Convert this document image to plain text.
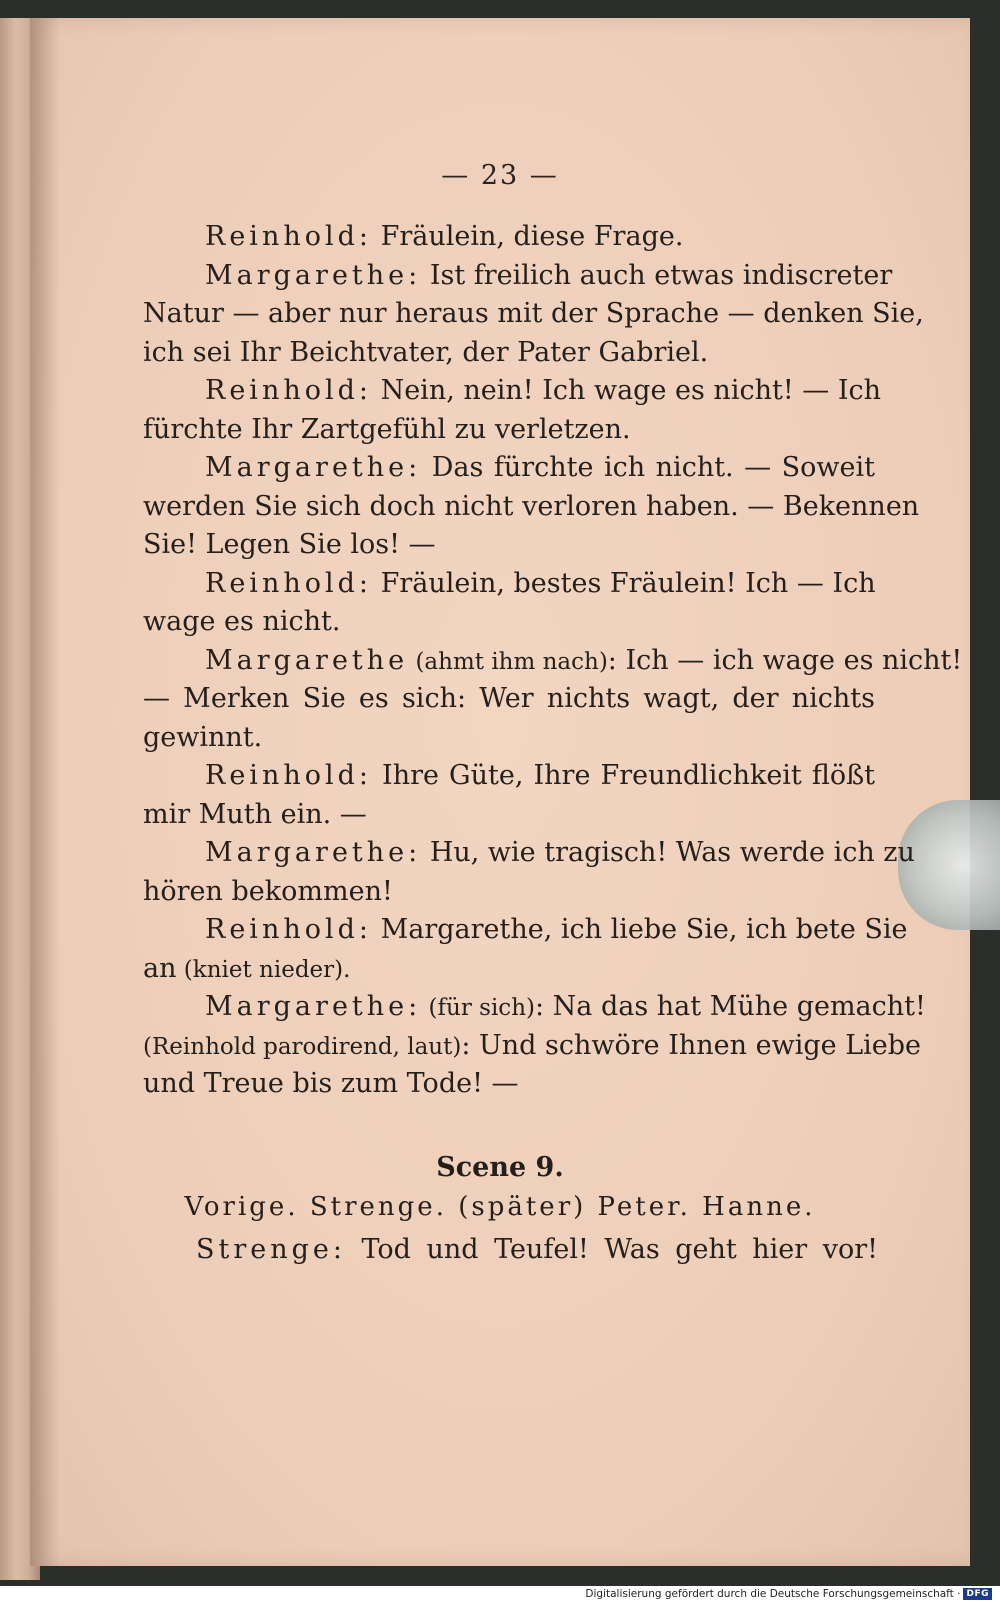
— 23 —
Reinhold: Fräulein, diese Frage.
Margarethe: Ist freilich auch etwas indiscreter
Natur — aber nur heraus mit der Sprache — denken Sie,
ich sei Ihr Beichtvater, der Pater Gabriel.
Reinhold: Nein, nein! Ich wage es nicht! — Ich
fürchte Ihr Zartgefühl zu verletzen.
Margarethe: Das fürchte ich nicht. — Soweit
werden Sie sich doch nicht verloren haben. — Bekennen
Sie! Legen Sie los! —
Reinhold: Fräulein, bestes Fräulein! Ich — Ich
wage es nicht.
Margarethe (ahmt ihm nach): Ich — ich wage es nicht!
— Merken Sie es sich: Wer nichts wagt, der nichts
gewinnt.
Reinhold: Ihre Güte, Ihre Freundlichkeit flößt
mir Muth ein. —
Margarethe: Hu, wie tragisch! Was werde ich zu
hören bekommen!
Reinhold: Margarethe, ich liebe Sie, ich bete Sie
an (kniet nieder).
Margarethe: (für sich): Na das hat Mühe gemacht!
(Reinhold parodirend, laut): Und schwöre Ihnen ewige Liebe
und Treue bis zum Tode! —
Scene 9.
Vorige. Strenge. (später) Peter. Hanne.
Strenge: Tod und Teufel! Was geht hier vor!
Digitalisierung gefördert durch die Deutsche Forschungsgemeinschaft · DFG
